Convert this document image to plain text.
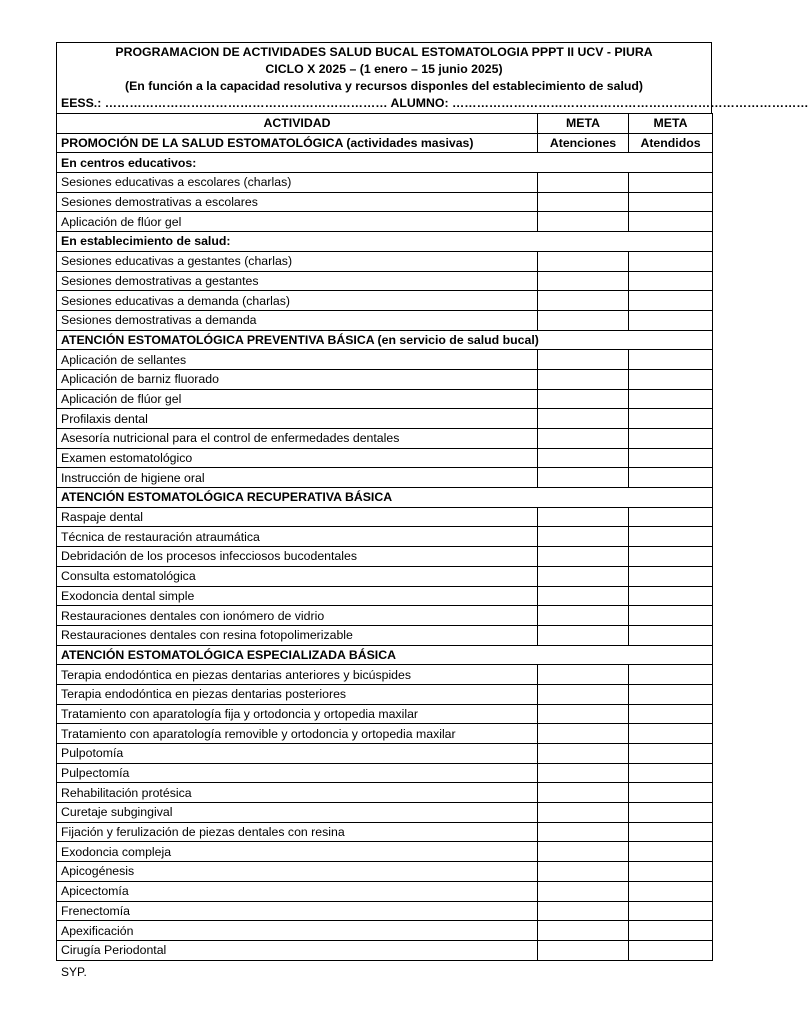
PROGRAMACION DE ACTIVIDADES SALUD BUCAL ESTOMATOLOGIA PPPT II UCV - PIURA
CICLO X 2025 – (1 enero – 15 junio 2025)
(En función a la capacidad resolutiva y recursos disponles del establecimiento de salud)
EESS.: …………………………………………………………… ALUMNO: ……………………………………………………………………………
ACTIVIDAD	META	META
PROMOCIÓN DE LA SALUD ESTOMATOLÓGICA (actividades masivas)	Atenciones	Atendidos
En centros educativos:		
Sesiones educativas a escolares (charlas)		
Sesiones demostrativas a escolares		
Aplicación de flúor gel		
En establecimiento de salud:		
Sesiones educativas a gestantes (charlas)		
Sesiones demostrativas a gestantes		
Sesiones educativas a demanda (charlas)		
Sesiones demostrativas a demanda		
ATENCIÓN ESTOMATOLÓGICA PREVENTIVA BÁSICA (en servicio de salud bucal)		
Aplicación de sellantes		
Aplicación de barniz fluorado		
Aplicación de flúor gel		
Profilaxis dental		
Asesoría nutricional para el control de enfermedades dentales		
Examen estomatológico		
Instrucción de higiene oral		
ATENCIÓN ESTOMATOLÓGICA RECUPERATIVA BÁSICA		
Raspaje dental		
Técnica de restauración atraumática		
Debridación de los procesos infecciosos bucodentales		
Consulta estomatológica		
Exodoncia dental simple		
Restauraciones dentales con ionómero de vidrio		
Restauraciones dentales con resina fotopolimerizable		
ATENCIÓN ESTOMATOLÓGICA ESPECIALIZADA BÁSICA		
Terapia endodóntica en piezas dentarias anteriores y bicúspides		
Terapia endodóntica en piezas dentarias posteriores		
Tratamiento con aparatología fija y ortodoncia y ortopedia maxilar		
Tratamiento con aparatología removible y ortodoncia y ortopedia maxilar		
Pulpotomía		
Pulpectomía		
Rehabilitación protésica		
Curetaje subgingival		
Fijación y ferulización de piezas dentales con resina		
Exodoncia compleja		
Apicogénesis		
Apicectomía		
Frenectomía		
Apexificación		
Cirugía Periodontal		
SYP.
